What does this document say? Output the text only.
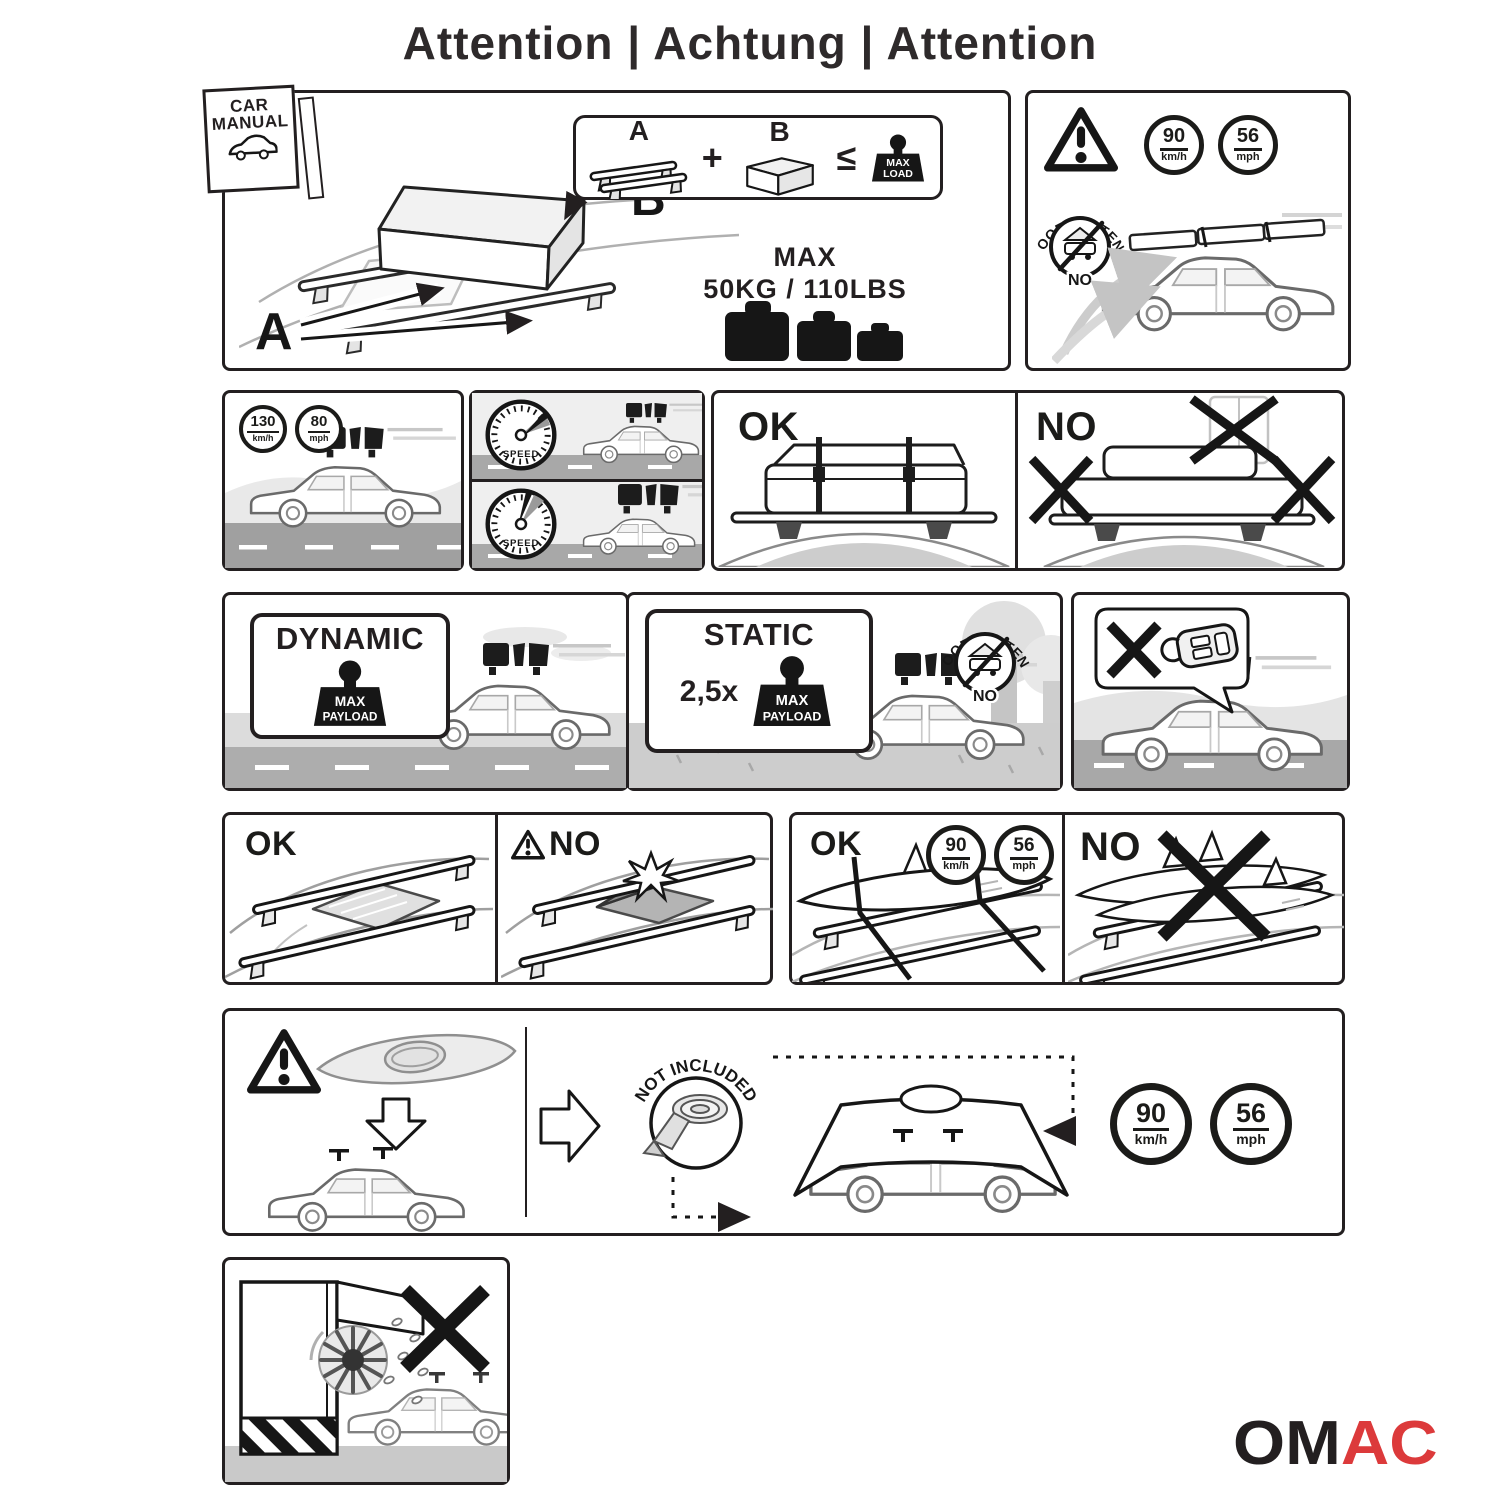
Attention | Achtung | Attention
CAR
MANUAL
A
A
+
B
≤ MAX
LOAD
MAX
50KG / 110LBS
90
km/h
56
mph
130
km/h
80
mph	OK	NO
DYNAMIC
MAX
PAYLOAD
STATIC
2,5x MAX
PAYLOAD
OK	NO	OK	90
km/h
56
mph NO
NOT INCLUDED
90
km/h
56
mph
OMAC
